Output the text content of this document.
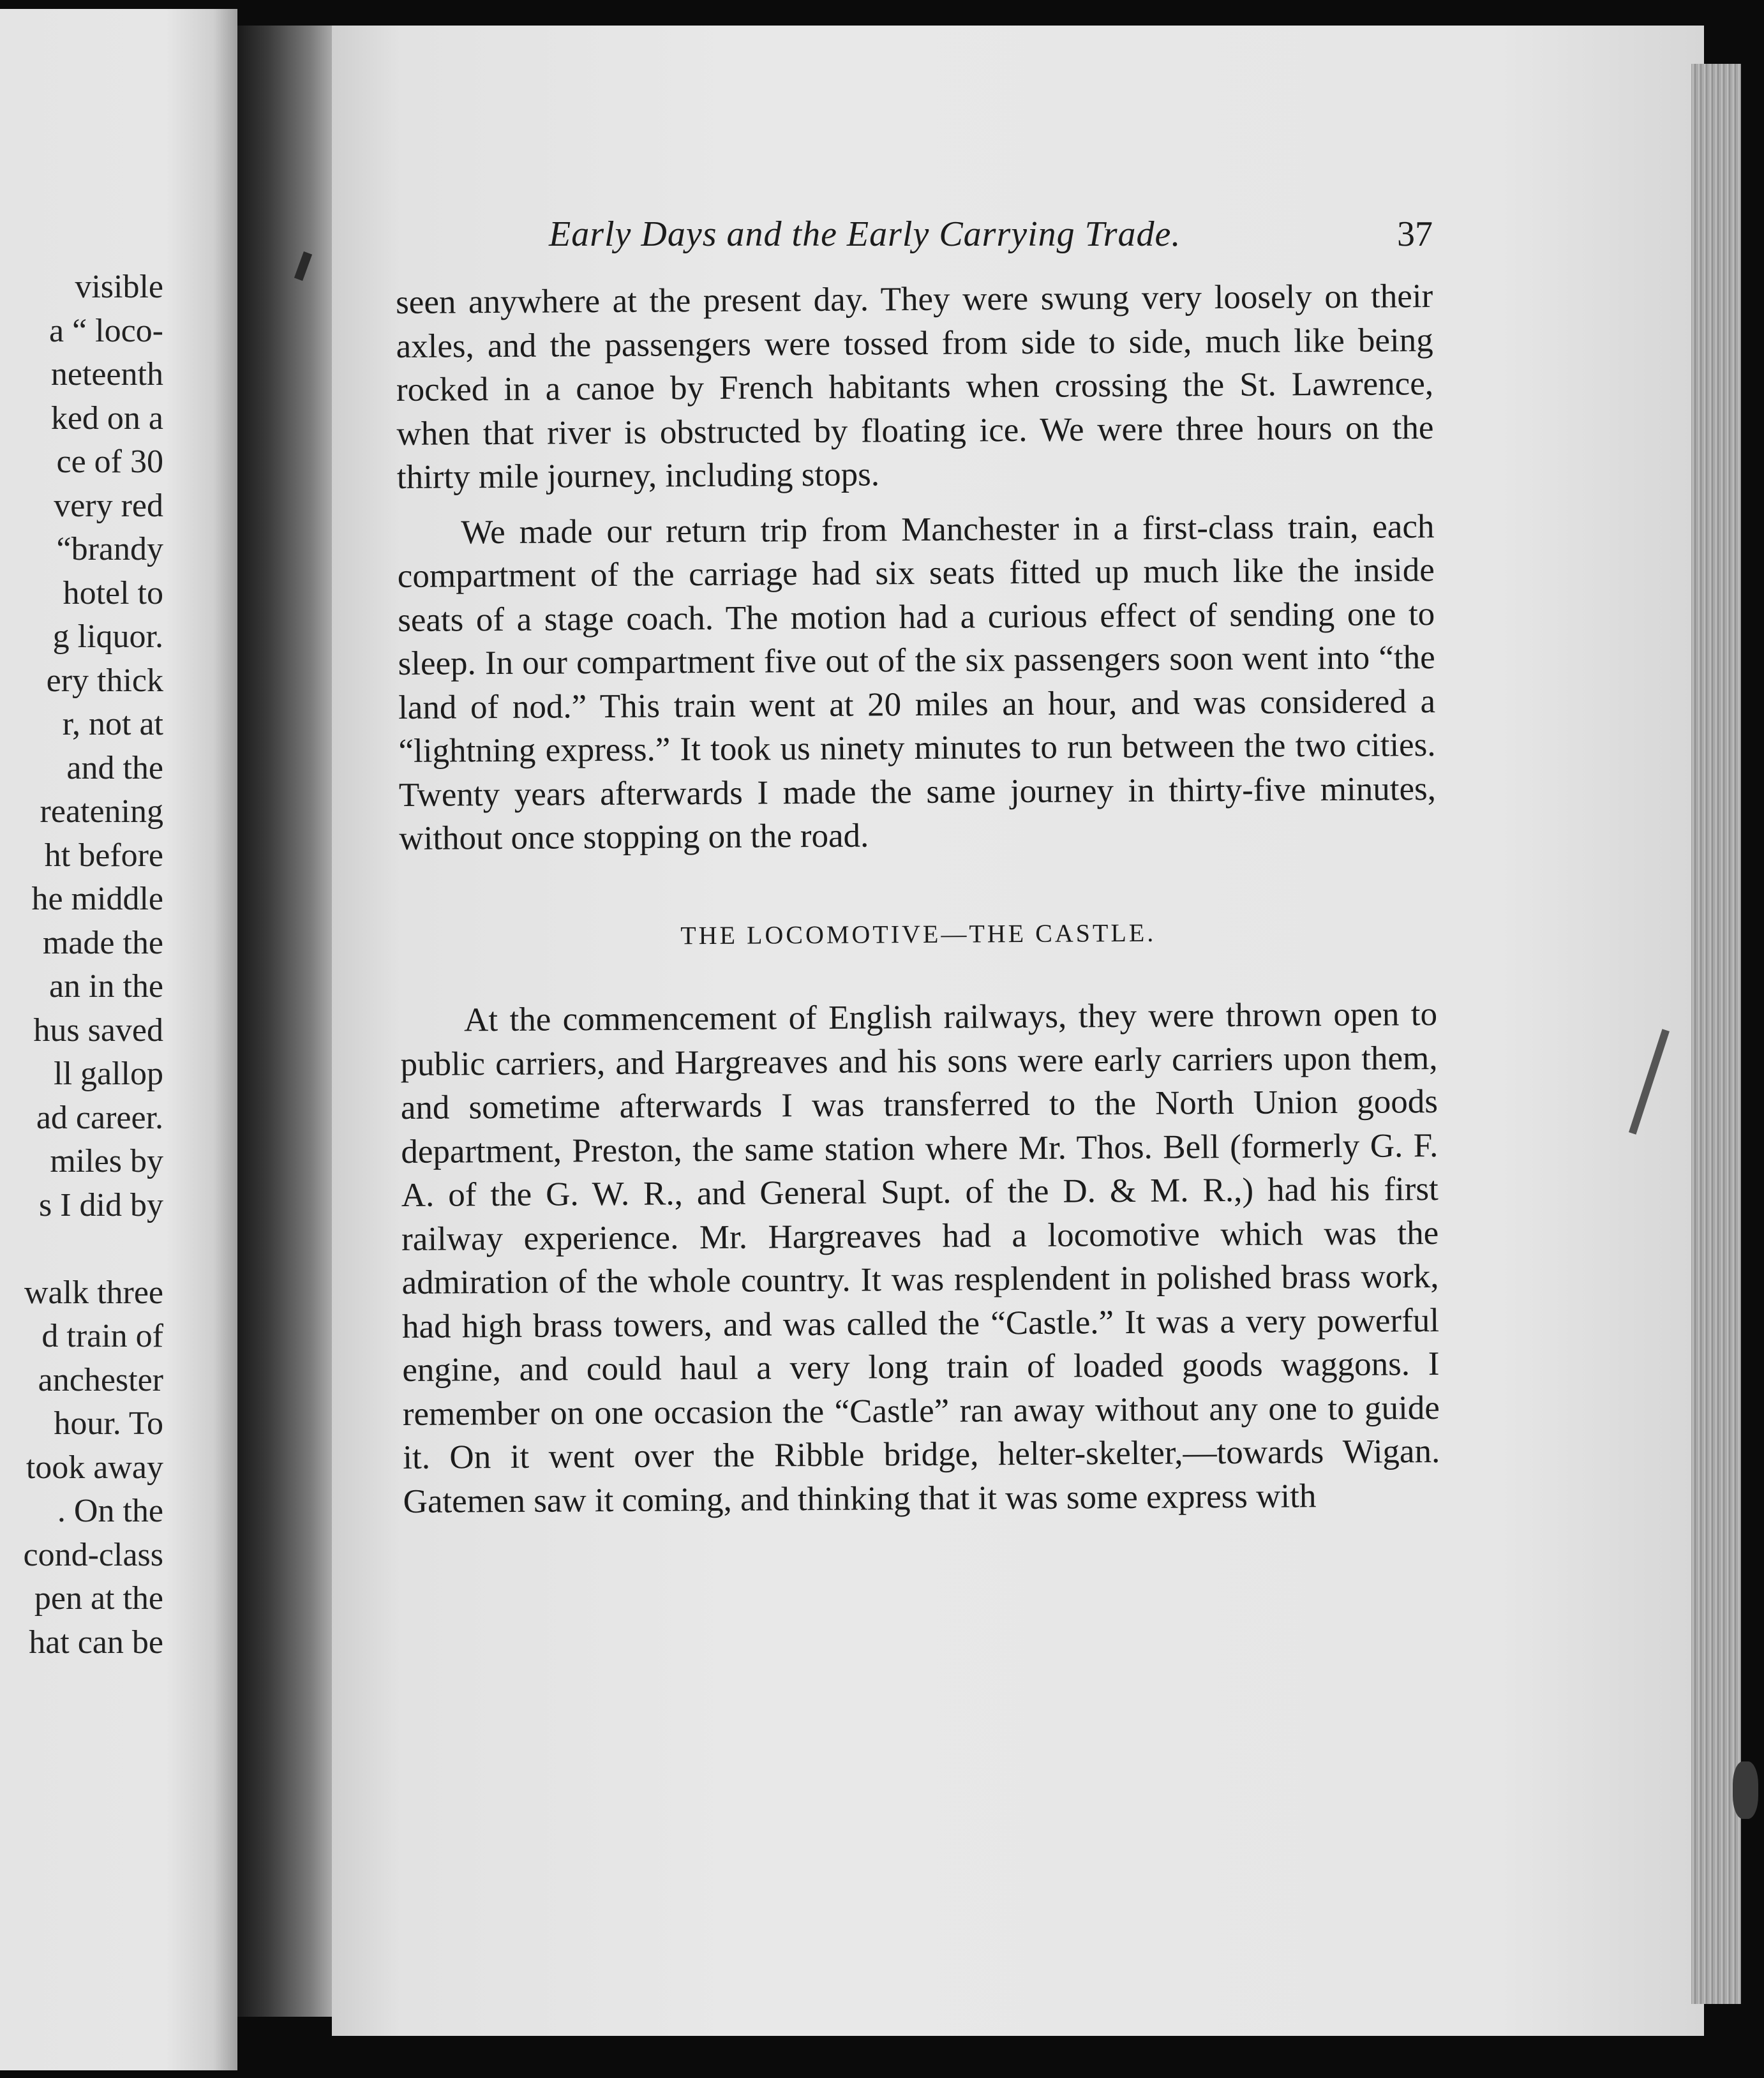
visible
a “ loco-
neteenth
ked on a
ce of 30
very red
“brandy
hotel to
g liquor.
ery thick
r, not at
and the
reatening
ht before
he middle
made the
an in the
hus saved
ll gallop
ad career.
miles by
s I did by
walk three
d train of
anchester
hour. To
took away
. On the
cond-class
pen at the
hat can be
Early Days and the Early Carrying Trade.	37

seen anywhere at the present day. They were swung very loosely on their axles, and the passengers were tossed from side to side, much like being rocked in a canoe by French habitants when crossing the St. Lawrence, when that river is obstructed by floating ice. We were three hours on the thirty mile journey, including stops.

We made our return trip from Manchester in a first-class train, each compartment of the carriage had six seats fitted up much like the inside seats of a stage coach. The motion had a curious effect of sending one to sleep. In our compartment five out of the six passengers soon went into “the land of nod.” This train went at 20 miles an hour, and was considered a “lightning express.” It took us ninety minutes to run between the two cities. Twenty years afterwards I made the same journey in thirty-five minutes, without once stopping on the road.

THE LOCOMOTIVE—THE CASTLE.

At the commencement of English railways, they were thrown open to public carriers, and Hargreaves and his sons were early carriers upon them, and sometime afterwards I was transferred to the North Union goods department, Preston, the same station where Mr. Thos. Bell (formerly G. F. A. of the G. W. R., and General Supt. of the D. & M. R.,) had his first railway experience. Mr. Hargreaves had a locomotive which was the admiration of the whole country. It was resplendent in polished brass work, had high brass towers, and was called the “Castle.” It was a very powerful engine, and could haul a very long train of loaded goods waggons. I remember on one occasion the “Castle” ran away without any one to guide it. On it went over the Ribble bridge, helter-skelter,—towards Wigan. Gatemen saw it coming, and thinking that it was some express with
